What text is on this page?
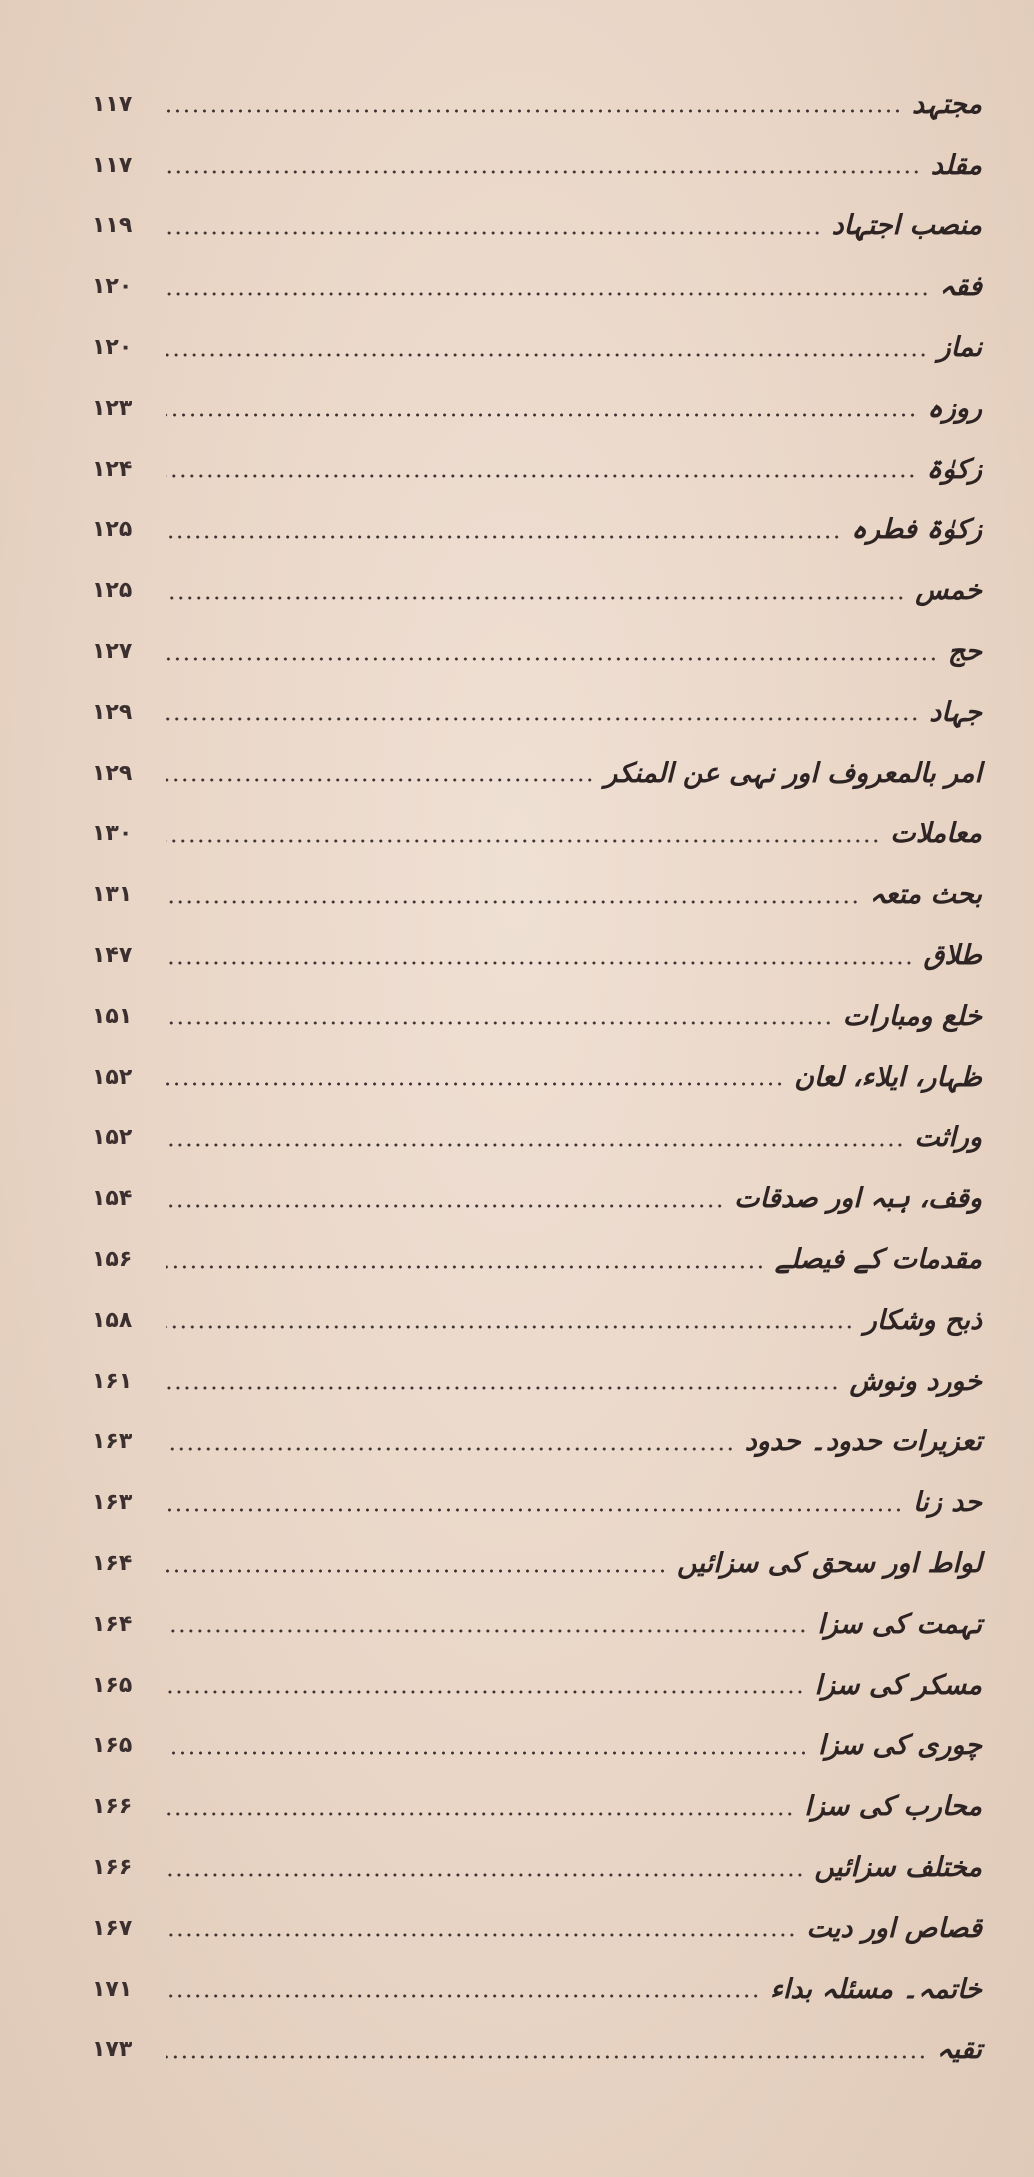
۱۱۷	مجتہد
۱۱۷	مقلد
۱۱۹	منصب اجتہاد
۱۲۰	فقہ
۱۲۰	نماز
۱۲۳	روزہ
۱۲۴	زکوٰۃ
۱۲۵	زکوٰۃ فطرہ
۱۲۵	خمس
۱۲۷	حج
۱۲۹	جہاد
۱۲۹	امر بالمعروف اور نہی عن المنکر
۱۳۰	معاملات
۱۳۱	بحث متعہ
۱۴۷	طلاق
۱۵۱	خلع ومبارات
۱۵۲	ظہار، ایلاء، لعان
۱۵۲	وراثت
۱۵۴	وقف، ہبہ اور صدقات
۱۵۶	مقدمات کے فیصلے
۱۵۸	ذبح وشکار
۱۶۱	خورد ونوش
۱۶۳	تعزیرات حدود۔ حدود
۱۶۳	حد زنا
۱۶۴	لواط اور سحق کی سزائیں
۱۶۴	تہمت کی سزا
۱۶۵	مسکر کی سزا
۱۶۵	چوری کی سزا
۱۶۶	محارب کی سزا
۱۶۶	مختلف سزائیں
۱۶۷	قصاص اور دیت
۱۷۱	خاتمہ۔ مسئلہ بداء
۱۷۳	تقیہ
